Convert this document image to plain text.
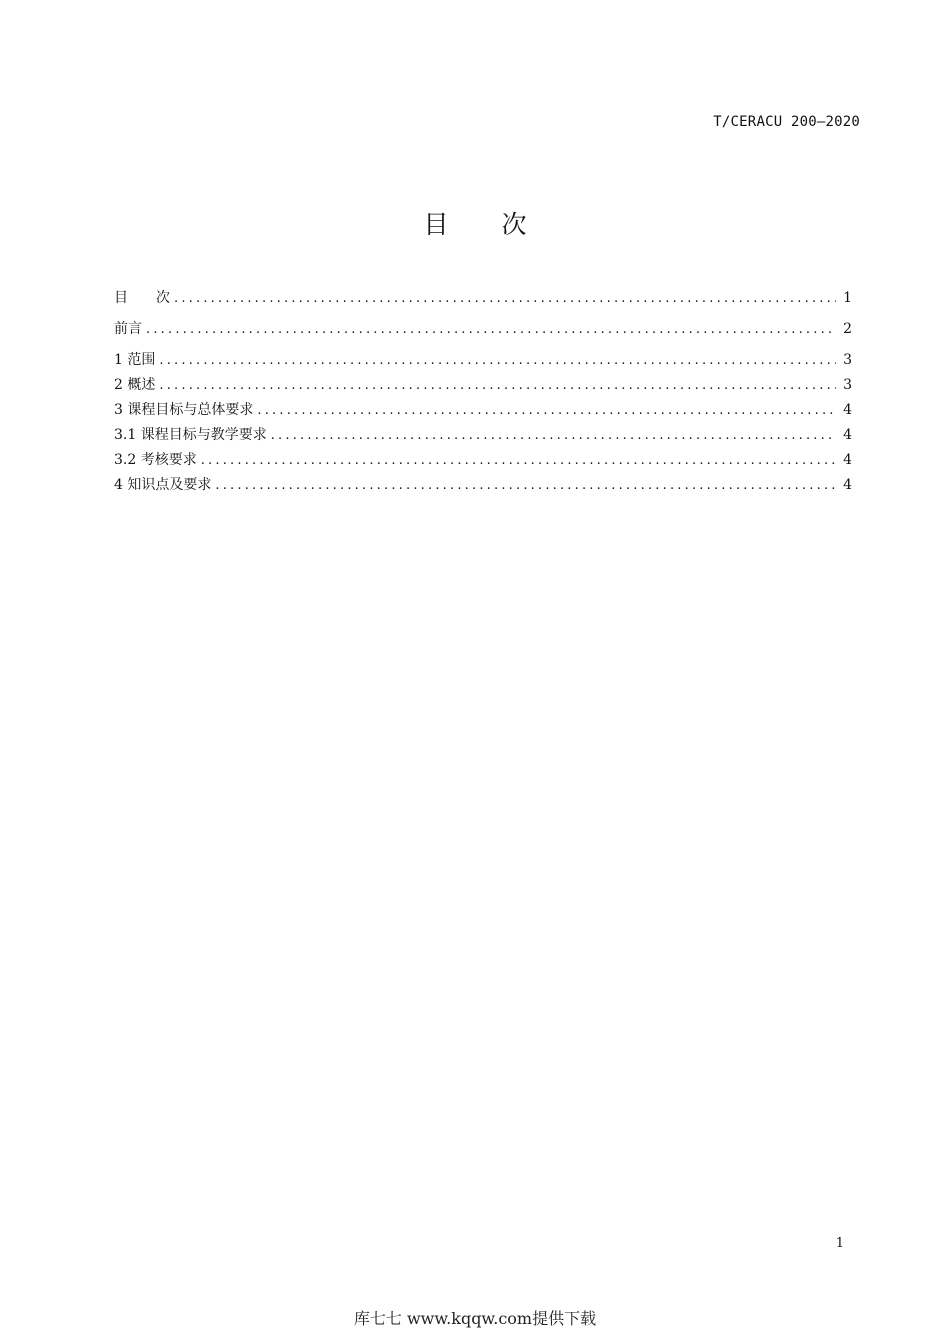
T/CERACU 200—2020
目 次
目　　次 .....	1
前言 .....	2
1 范围 .....	3
2 概述 .....	3
3 课程目标与总体要求 .....	4
3.1 课程目标与教学要求 .....	4
3.2 考核要求 .....	4
4 知识点及要求 .....	4
1
库七七 www.kqqw.com提供下载
